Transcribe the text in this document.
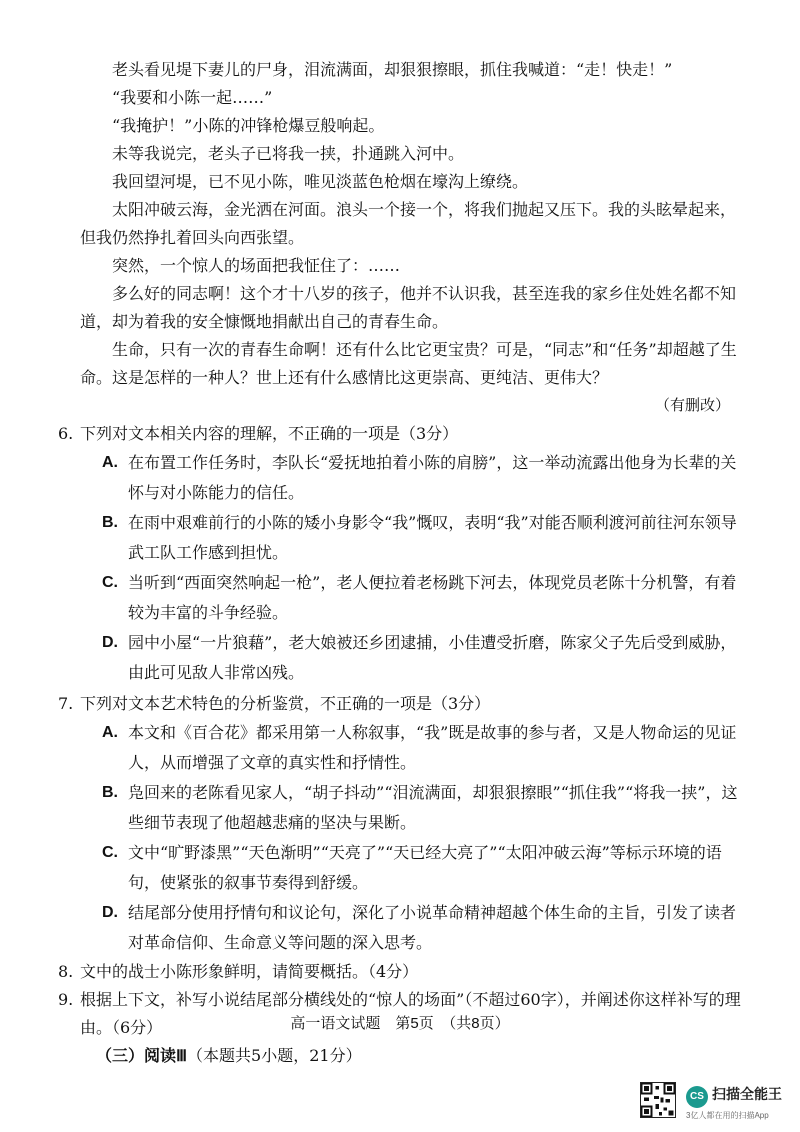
老头看见堤下妻儿的尸身，泪流满面，却狠狠擦眼，抓住我喊道：“走！快走！”

“我要和小陈一起……”

“我掩护！”小陈的冲锋枪爆豆般响起。

未等我说完，老头子已将我一挟，扑通跳入河中。

我回望河堤，已不见小陈，唯见淡蓝色枪烟在壕沟上缭绕。

太阳冲破云海，金光洒在河面。浪头一个接一个，将我们抛起又压下。我的头眩晕起来，但我仍然挣扎着回头向西张望。

突然，一个惊人的场面把我怔住了：……

多么好的同志啊！这个才十八岁的孩子，他并不认识我，甚至连我的家乡住处姓名都不知道，却为着我的安全慷慨地捐献出自己的青春生命。

生命，只有一次的青春生命啊！还有什么比它更宝贵？可是，“同志”和“任务”却超越了生命。这是怎样的一种人？世上还有什么感情比这更崇高、更纯洁、更伟大？

（有删改）
6. 下列对文本相关内容的理解，不正确的一项是（3分）
A. 在布置工作任务时，李队长“爱抚地拍着小陈的肩膀”，这一举动流露出他身为长辈的关怀与对小陈能力的信任。
B. 在雨中艰难前行的小陈的矮小身影令“我”慨叹，表明“我”对能否顺利渡河前往河东领导武工队工作感到担忧。
C. 当听到“西面突然响起一枪”，老人便拉着老杨跳下河去，体现党员老陈十分机警，有着较为丰富的斗争经验。
D. 园中小屋“一片狼藉”，老大娘被还乡团逮捕，小佳遭受折磨，陈家父子先后受到威胁，由此可见敌人非常凶残。
7. 下列对文本艺术特色的分析鉴赏，不正确的一项是（3分）
A. 本文和《百合花》都采用第一人称叙事，“我”既是故事的参与者，又是人物命运的见证人，从而增强了文章的真实性和抒情性。
B. 凫回来的老陈看见家人，“胡子抖动”“泪流满面，却狠狠擦眼”“抓住我”“将我一挟”，这些细节表现了他超越悲痛的坚决与果断。
C. 文中“旷野漆黑”“天色渐明”“天亮了”“天已经大亮了”“太阳冲破云海”等标示环境的语句，使紧张的叙事节奏得到舒缓。
D. 结尾部分使用抒情句和议论句，深化了小说革命精神超越个体生命的主旨，引发了读者对革命信仰、生命意义等问题的深入思考。
8. 文中的战士小陈形象鲜明，请简要概括。（4分）
9. 根据上下文，补写小说结尾部分横线处的“惊人的场面”（不超过60字），并阐述你这样补写的理由。（6分）
（三）阅读Ⅲ（本题共5小题，21分）
高一语文试题　第5页　（共8页）
CS 扫描全能王
3亿人都在用的扫描App
